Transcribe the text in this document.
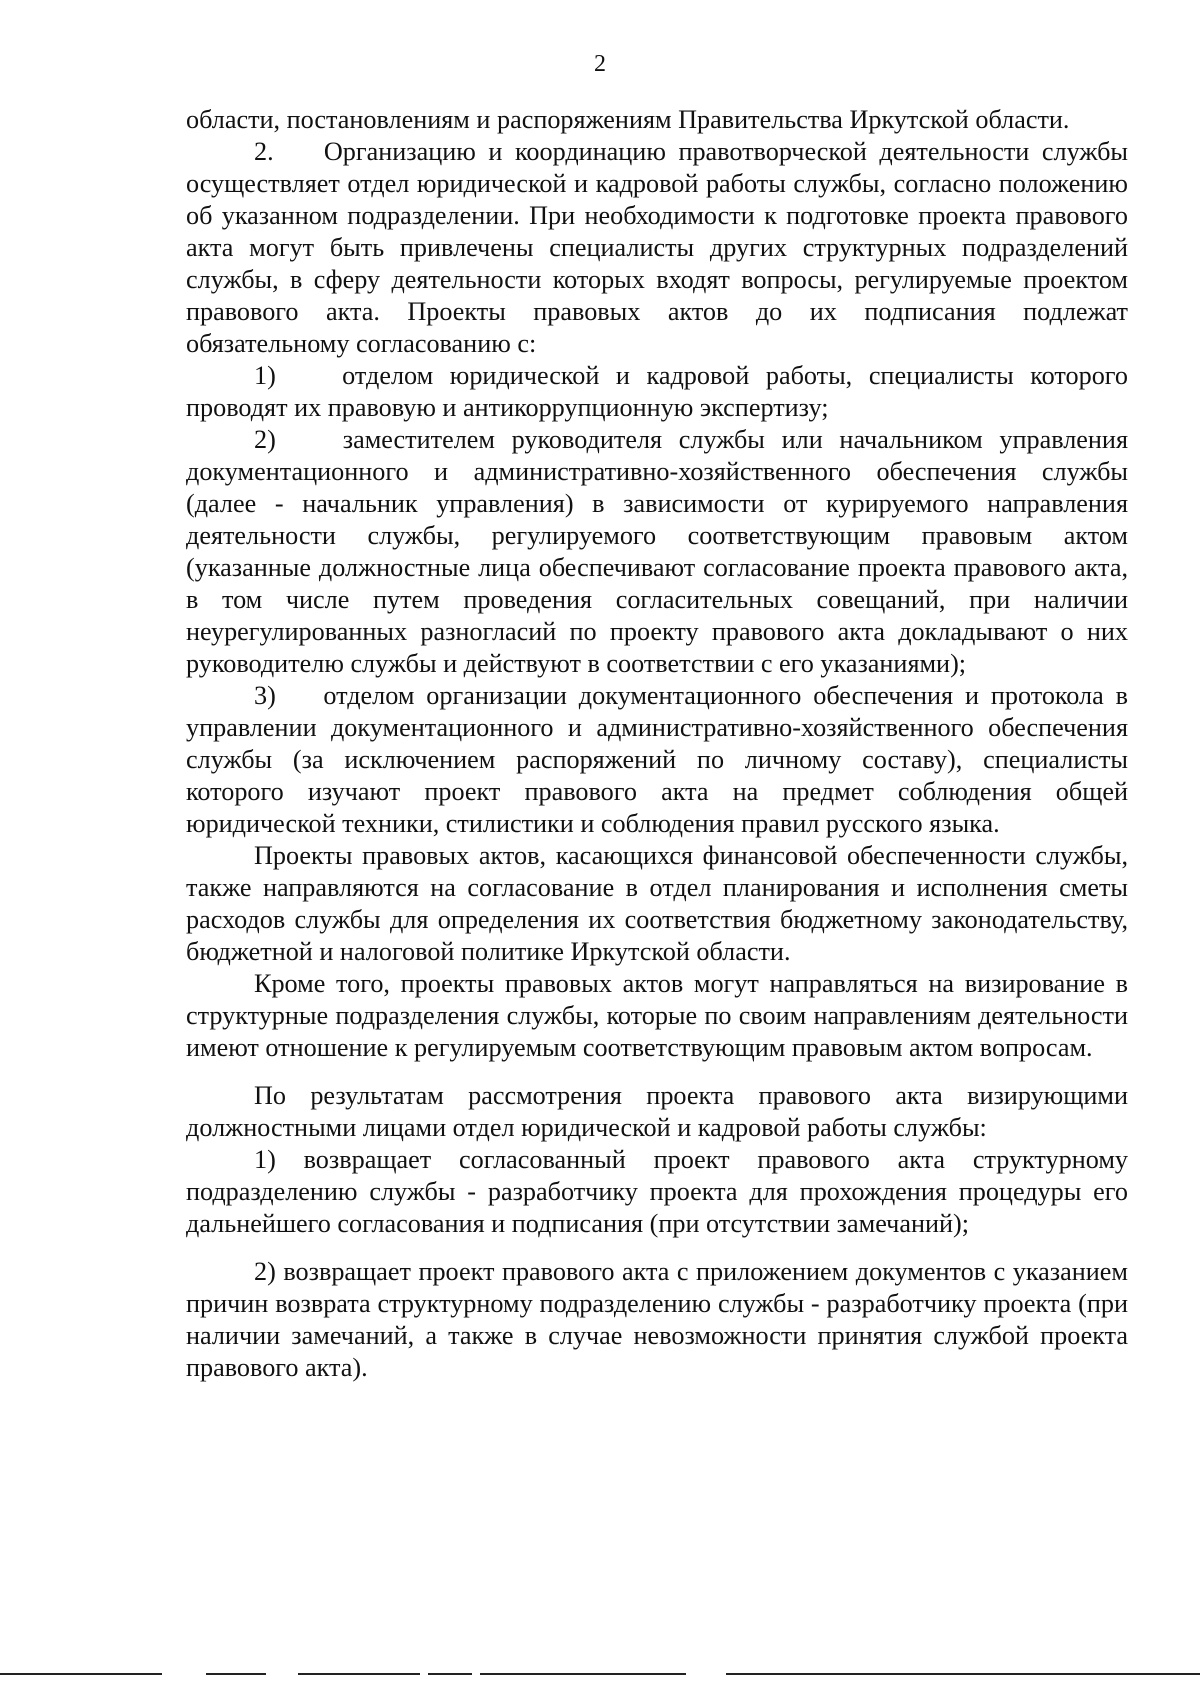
2

области, постановлениям и распоряжениям Правительства Иркутской области.

2.    Организацию и координацию правотворческой деятельности службы осуществляет отдел юридической и кадровой работы службы, согласно положению об указанном подразделении. При необходимости к подготовке проекта правового акта могут быть привлечены специалисты других структурных подразделений службы, в сферу деятельности которых входят вопросы, регулируемые проектом правового акта. Проекты правовых актов до их подписания подлежат обязательному согласованию с:

1)    отделом юридической и кадровой работы, специалисты которого проводят их правовую и антикоррупционную экспертизу;

2)    заместителем руководителя службы или начальником управления документационного и административно-хозяйственного обеспечения службы (далее - начальник управления) в зависимости от курируемого направления деятельности службы, регулируемого соответствующим правовым актом (указанные должностные лица обеспечивают согласование проекта правового акта, в том числе путем проведения согласительных совещаний, при наличии неурегулированных разногласий по проекту правового акта докладывают о них руководителю службы и действуют в соответствии с его указаниями);

3)    отделом организации документационного обеспечения и протокола в управлении документационного и административно-хозяйственного обеспечения службы (за исключением распоряжений по личному составу), специалисты которого изучают проект правового акта на предмет соблюдения общей юридической техники, стилистики и соблюдения правил русского языка.

Проекты правовых актов, касающихся финансовой обеспеченности службы, также направляются на согласование в отдел планирования и исполнения сметы расходов службы для определения их соответствия бюджетному законодательству, бюджетной и налоговой политике Иркутской области.

Кроме того, проекты правовых актов могут направляться на визирование в структурные подразделения службы, которые по своим направлениям деятельности имеют отношение к регулируемым соответствующим правовым актом вопросам.

По результатам рассмотрения проекта правового акта визирующими должностными лицами отдел юридической и кадровой работы службы:

1) возвращает согласованный проект правового акта структурному подразделению службы - разработчику проекта для прохождения процедуры его дальнейшего согласования и подписания (при отсутствии замечаний);

2) возвращает проект правового акта с приложением документов с указанием причин возврата структурному подразделению службы - разработчику проекта (при наличии замечаний, а также в случае невозможности принятия службой проекта правового акта).
